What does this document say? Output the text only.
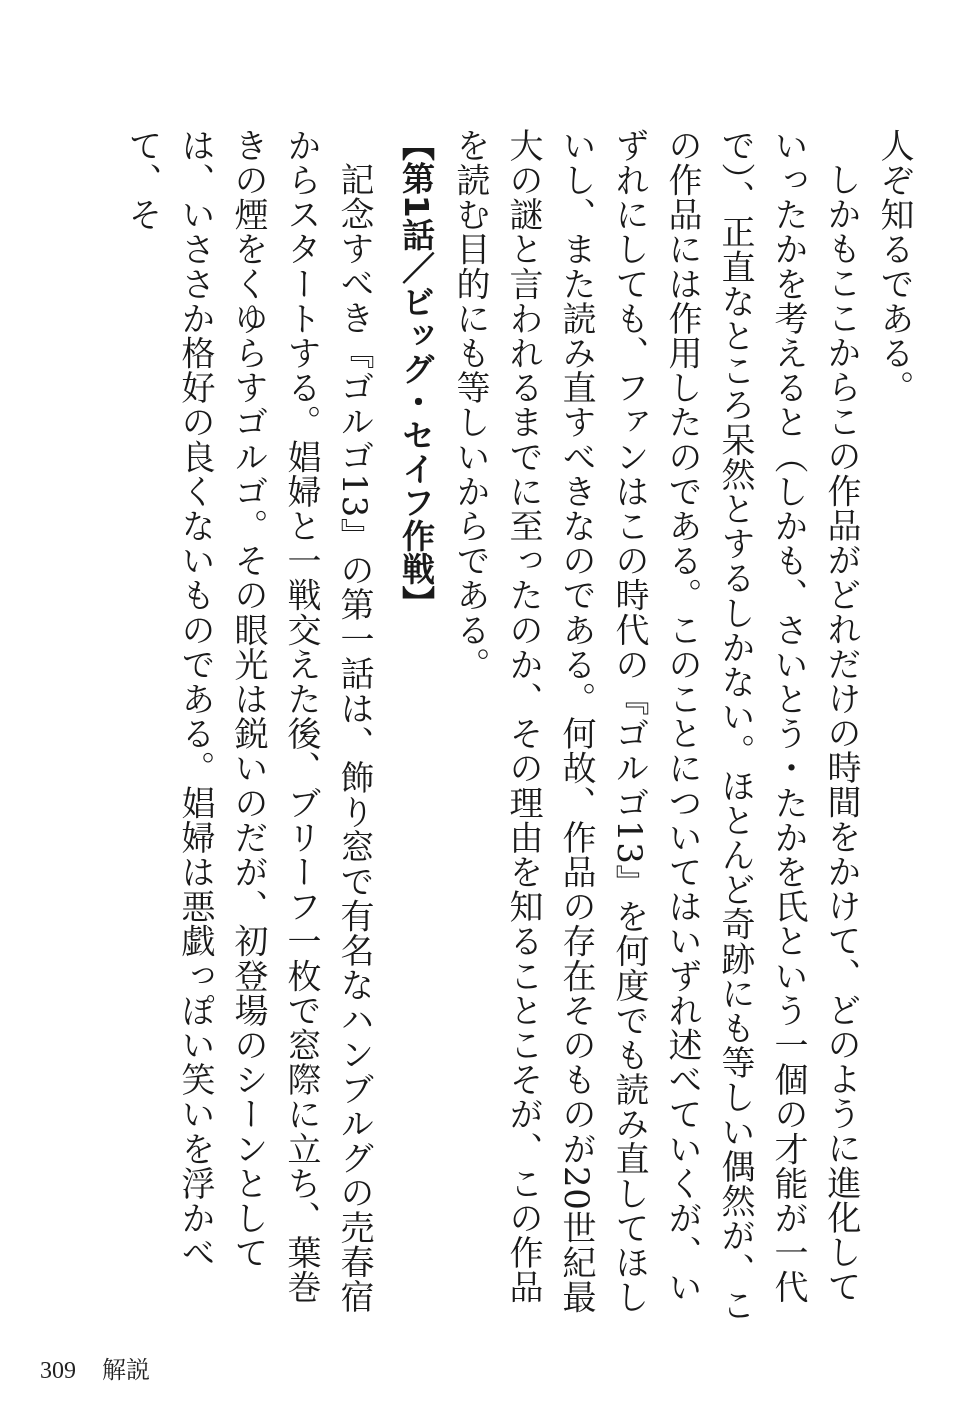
人ぞ知るである。

しかもここからこの作品がどれだけの時間をかけて、どのように進化していったかを考えると（しかも、さいとう・たかを氏という一個の才能が一代で）、正直なところ呆然とするしかない。ほとんど奇跡にも等しい偶然が、この作品には作用したのである。このことについてはいずれ述べていくが、いずれにしても、ファンはこの時代の『ゴルゴ13』を何度でも読み直してほしいし、また読み直すべきなのである。何故、作品の存在そのものが20世紀最大の謎と言われるまでに至ったのか、その理由を知ることこそが、この作品を読む目的にも等しいからである。

【第1話／ビッグ・セイフ作戦】

記念すべき『ゴルゴ13』の第一話は、飾り窓で有名なハンブルグの売春宿からスタートする。娼婦と一戦交えた後、ブリーフ一枚で窓際に立ち、葉巻きの煙をくゆらすゴルゴ。その眼光は鋭いのだが、初登場のシーンとしては、いささか格好の良くないものである。娼婦は悪戯っぽい笑いを浮かべて、そ

309 解説
